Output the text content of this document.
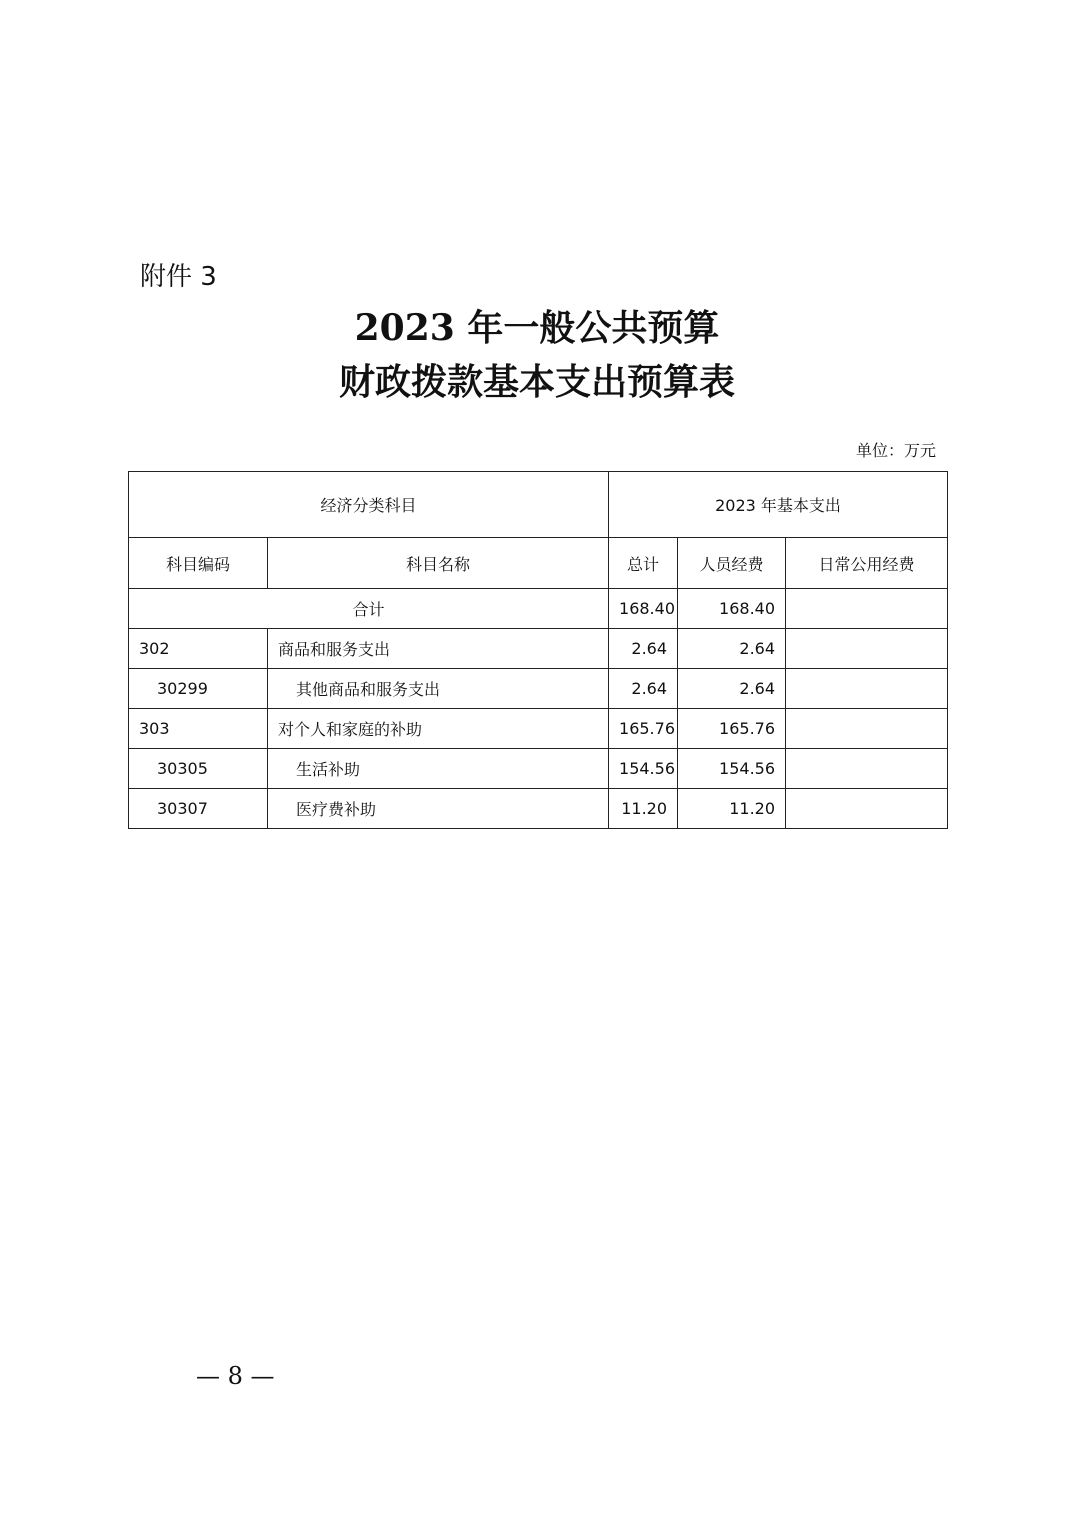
附件 3
2023 年一般公共预算
财政拨款基本支出预算表
单位：万元
经济分类科目		2023 年基本支出		
科目编码	科目名称	总计	人员经费	日常公用经费
合计		168.40	168.40	
302	商品和服务支出	2.64	2.64	
30299	其他商品和服务支出	2.64	2.64	
303	对个人和家庭的补助	165.76	165.76	
30305	生活补助	154.56	154.56	
30307	医疗费补助	11.20	11.20	
— 8 —
